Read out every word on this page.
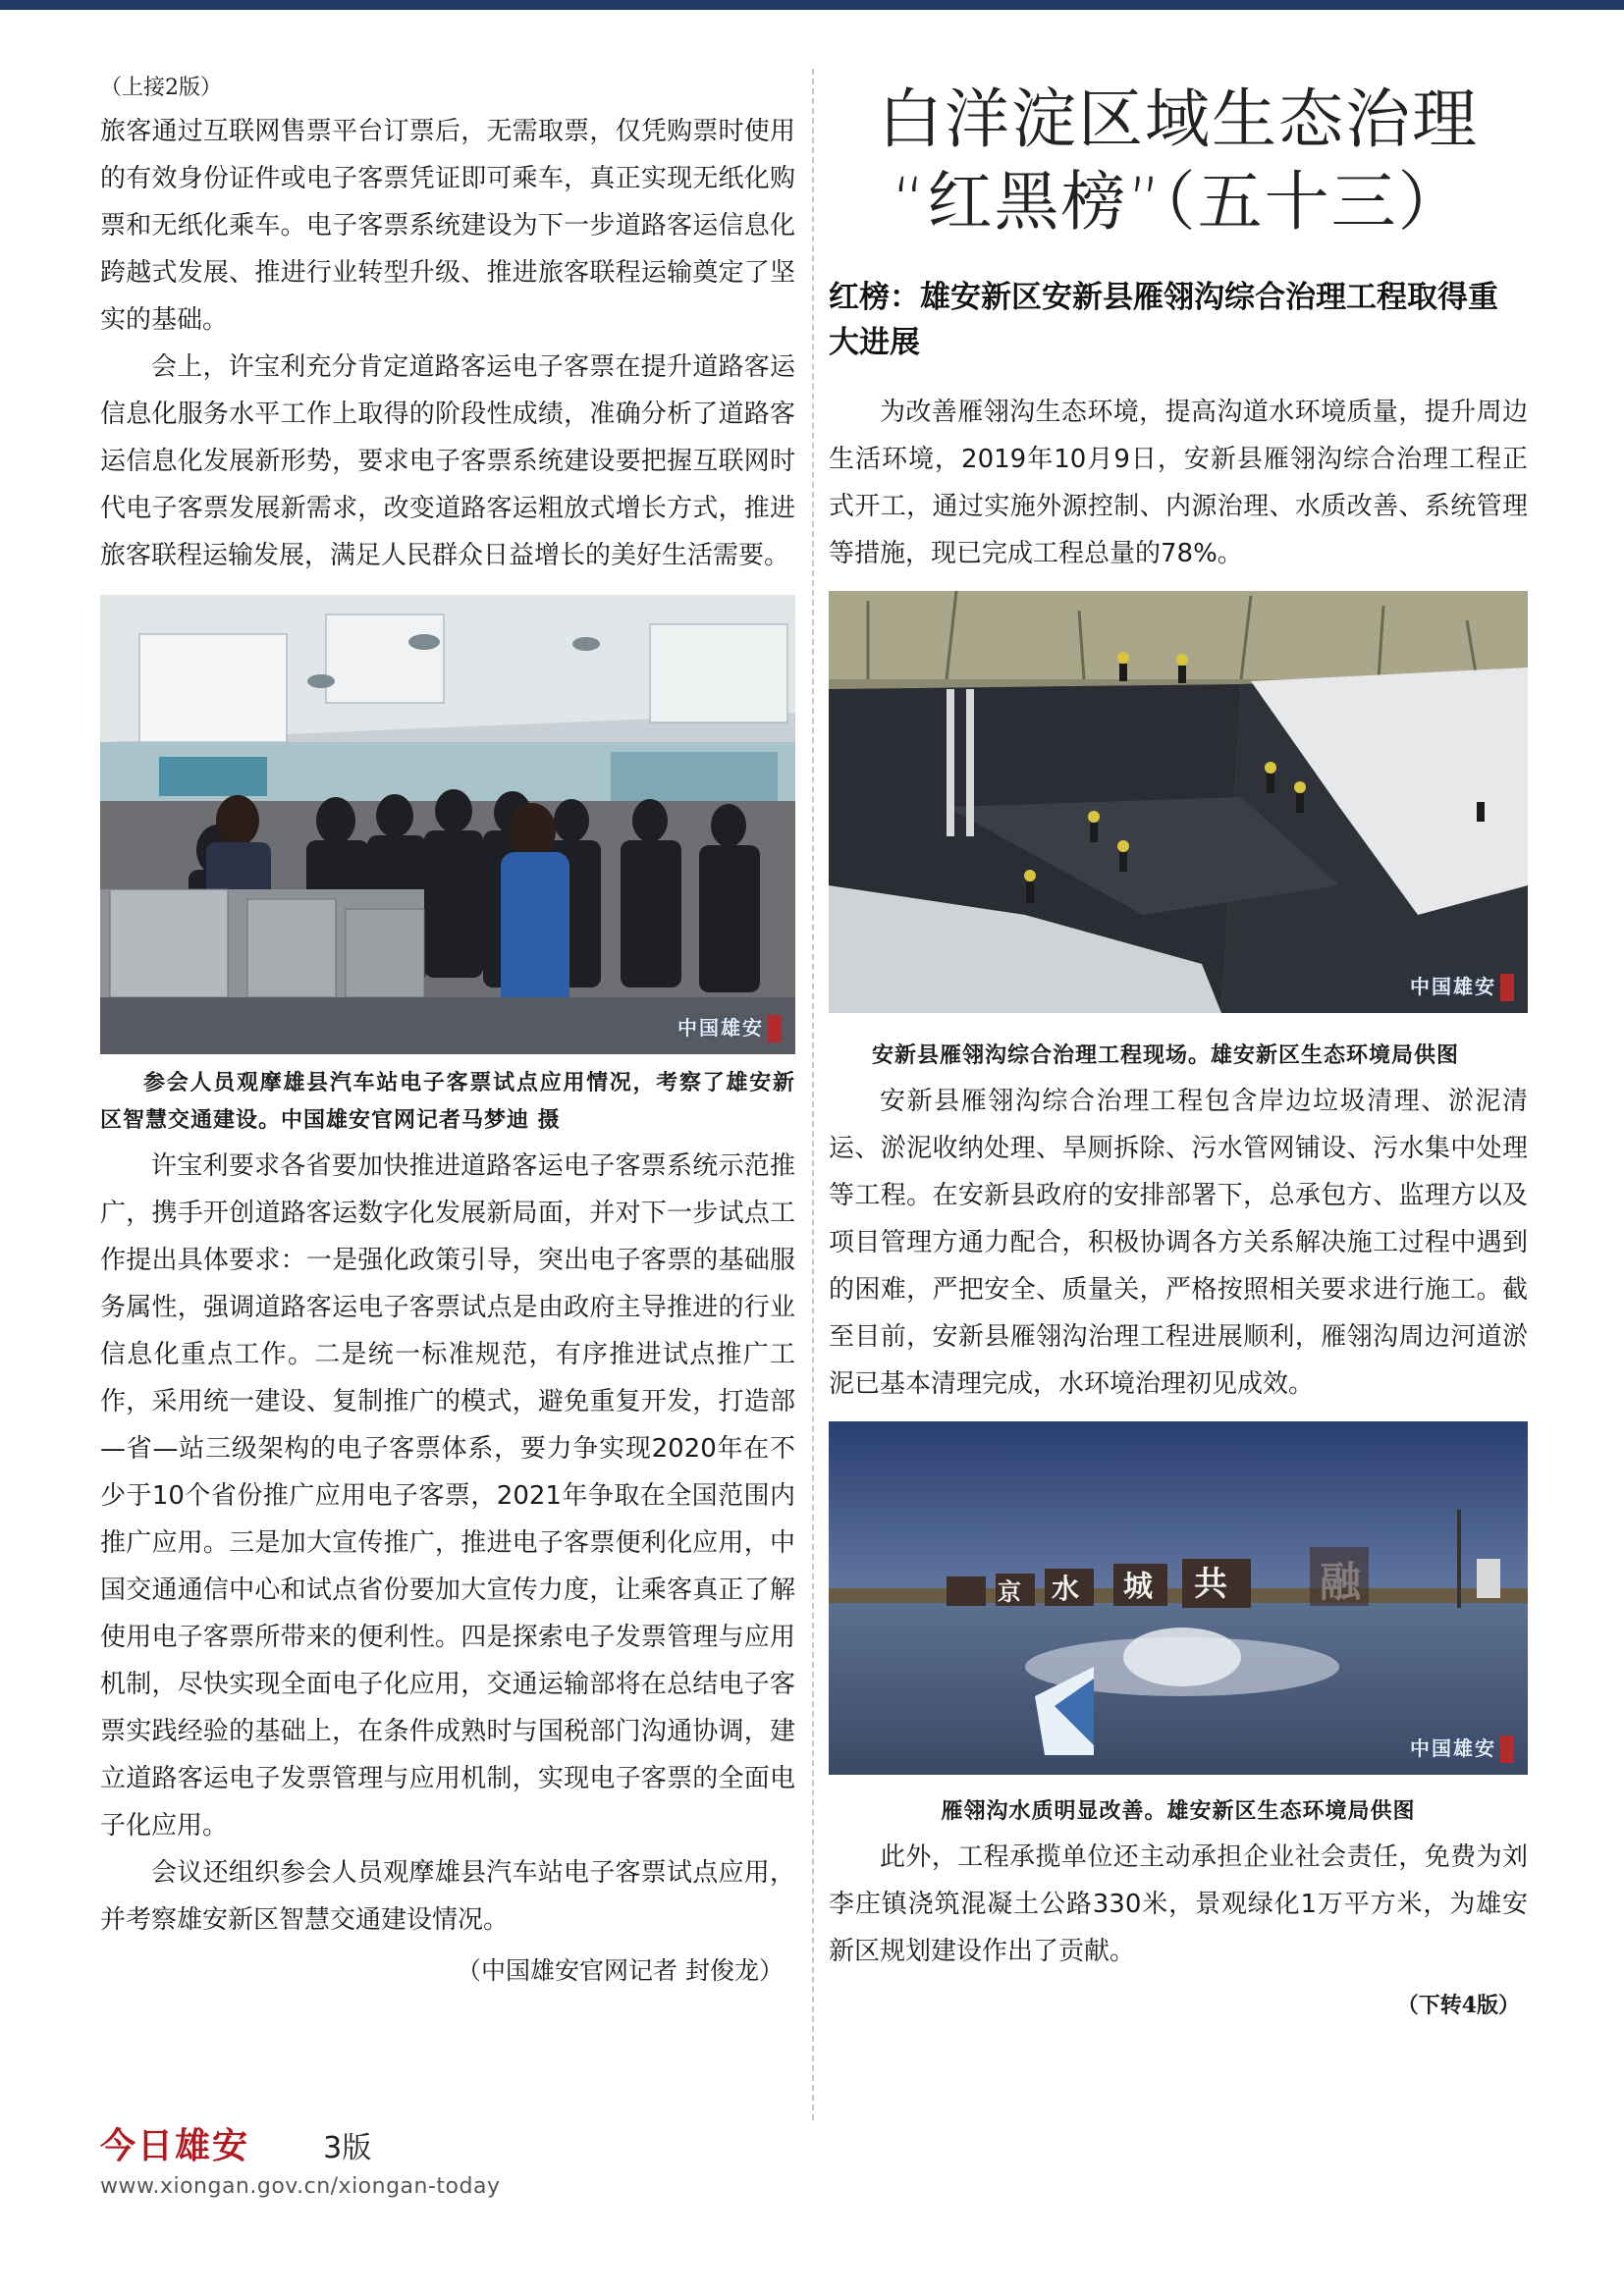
（上接2版）

旅客通过互联网售票平台订票后，无需取票，仅凭购票时使用的有效身份证件或电子客票凭证即可乘车，真正实现无纸化购票和无纸化乘车。电子客票系统建设为下一步道路客运信息化跨越式发展、推进行业转型升级、推进旅客联程运输奠定了坚实的基础。

会上，许宝利充分肯定道路客运电子客票在提升道路客运信息化服务水平工作上取得的阶段性成绩，准确分析了道路客运信息化发展新形势，要求电子客票系统建设要把握互联网时代电子客票发展新需求，改变道路客运粗放式增长方式，推进旅客联程运输发展，满足人民群众日益增长的美好生活需要。

中国雄安

参会人员观摩雄县汽车站电子客票试点应用情况，考察了雄安新区智慧交通建设。中国雄安官网记者马梦迪 摄

许宝利要求各省要加快推进道路客运电子客票系统示范推广，携手开创道路客运数字化发展新局面，并对下一步试点工作提出具体要求：一是强化政策引导，突出电子客票的基础服务属性，强调道路客运电子客票试点是由政府主导推进的行业信息化重点工作。二是统一标准规范，有序推进试点推广工作，采用统一建设、复制推广的模式，避免重复开发，打造部—省—站三级架构的电子客票体系，要力争实现2020年在不少于10个省份推广应用电子客票，2021年争取在全国范围内推广应用。三是加大宣传推广，推进电子客票便利化应用，中国交通通信中心和试点省份要加大宣传力度，让乘客真正了解使用电子客票所带来的便利性。四是探索电子发票管理与应用机制，尽快实现全面电子化应用，交通运输部将在总结电子客票实践经验的基础上，在条件成熟时与国税部门沟通协调，建立道路客运电子发票管理与应用机制，实现电子客票的全面电子化应用。

会议还组织参会人员观摩雄县汽车站电子客票试点应用，并考察雄安新区智慧交通建设情况。

（中国雄安官网记者 封俊龙）
白洋淀区域生态治理
“红黑榜”（五十三）
红榜：雄安新区安新县雁翎沟综合治理工程取得重大进展

为改善雁翎沟生态环境，提高沟道水环境质量，提升周边生活环境，2019年10月9日，安新县雁翎沟综合治理工程正式开工，通过实施外源控制、内源治理、水质改善、系统管理等措施，现已完成工程总量的78%。

中国雄安

安新县雁翎沟综合治理工程现场。雄安新区生态环境局供图

安新县雁翎沟综合治理工程包含岸边垃圾清理、淤泥清运、淤泥收纳处理、旱厕拆除、污水管网铺设、污水集中处理等工程。在安新县政府的安排部署下，总承包方、监理方以及项目管理方通力配合，积极协调各方关系解决施工过程中遇到的困难，严把安全、质量关，严格按照相关要求进行施工。截至目前，安新县雁翎沟治理工程进展顺利，雁翎沟周边河道淤泥已基本清理完成，水环境治理初见成效。

京 水 城 共
中国雄安

雁翎沟水质明显改善。雄安新区生态环境局供图

此外，工程承揽单位还主动承担企业社会责任，免费为刘李庄镇浇筑混凝土公路330米，景观绿化1万平方米，为雄安新区规划建设作出了贡献。

（下转4版）
今日雄安	3版
www.xiongan.gov.cn/xiongan-today
